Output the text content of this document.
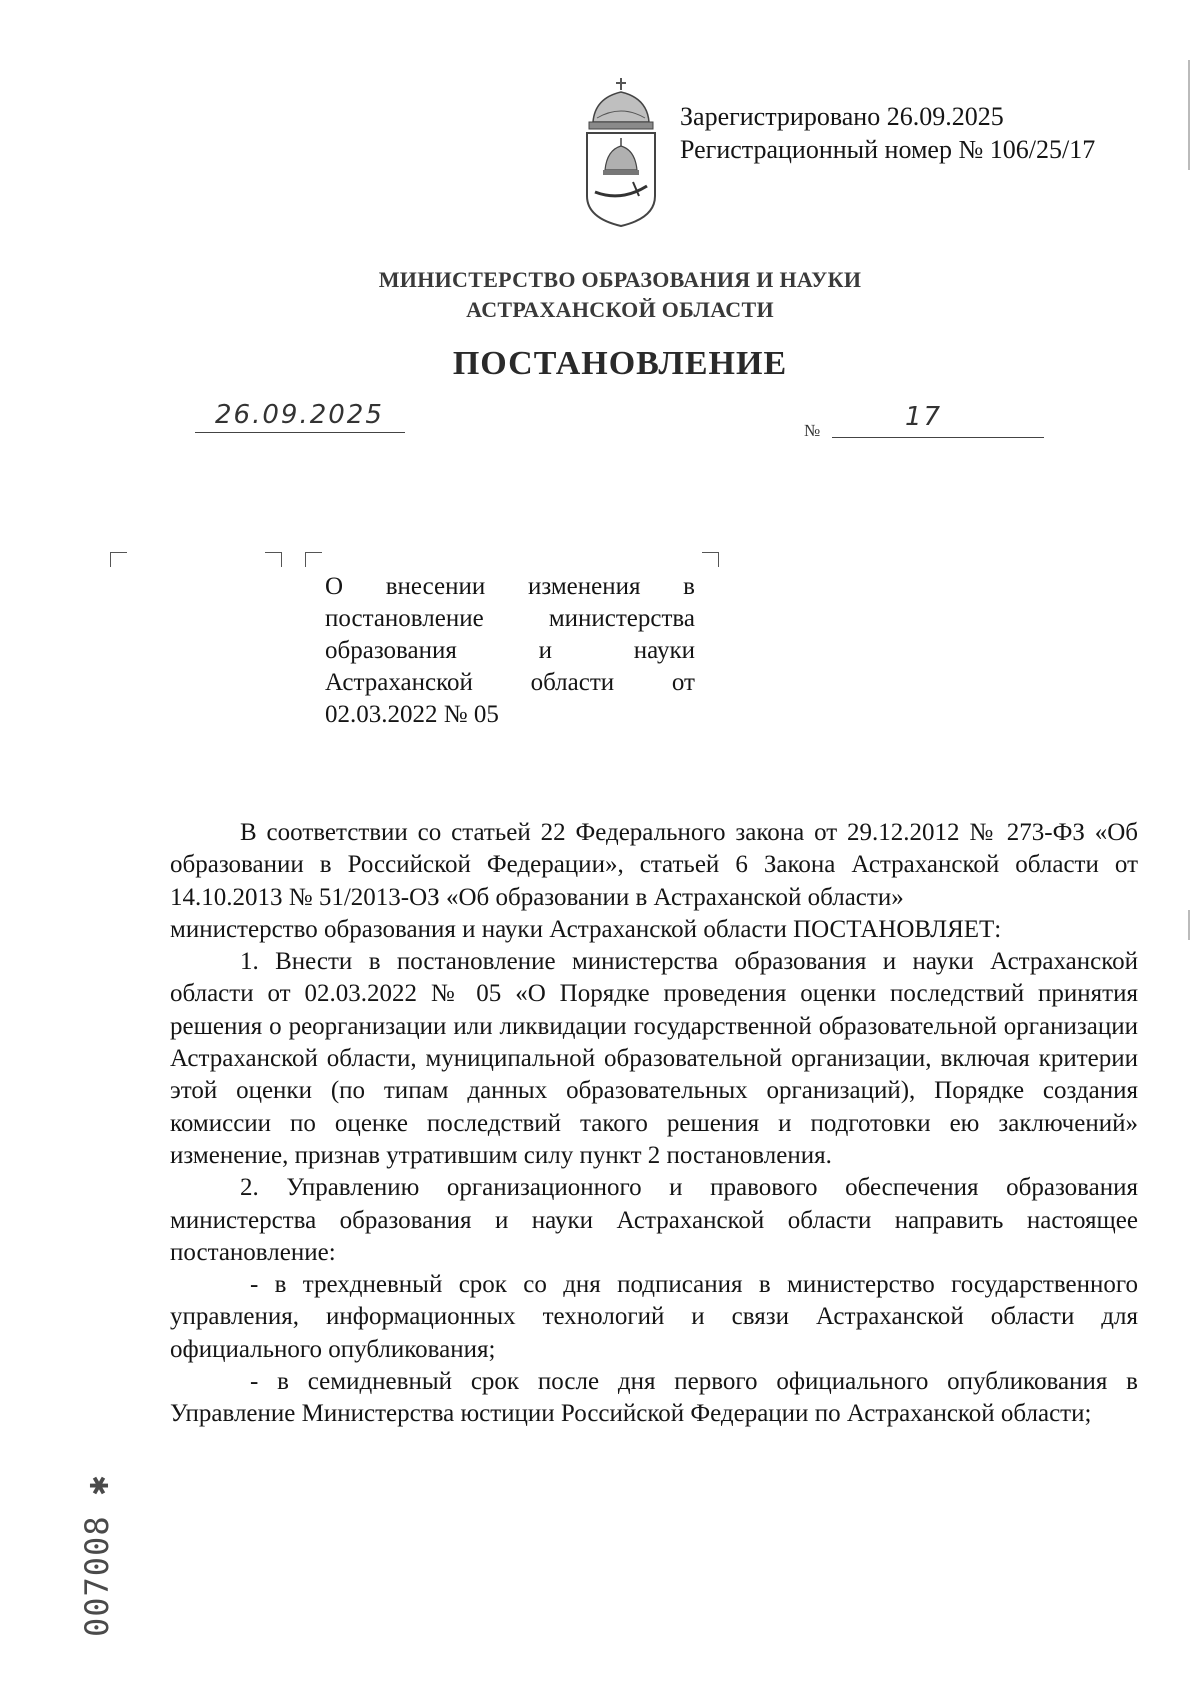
Зарегистрировано 26.09.2025
Регистрационный номер № 106/25/17
МИНИСТЕРСТВО ОБРАЗОВАНИЯ И НАУКИ
АСТРАХАНСКОЙ ОБЛАСТИ
ПОСТАНОВЛЕНИЕ
26.09.2025
№	17
О внесении изменения в постановление министерства образования и науки Астраханской области от 02.03.2022 № 05

В соответствии со статьей 22 Федерального закона от 29.12.2012 № 273-ФЗ «Об образовании в Российской Федерации», статьей 6 Закона Астраханской области от 14.10.2013 № 51/2013-ОЗ «Об образовании в Астраханской области»

министерство образования и науки Астраханской области ПОСТАНОВЛЯЕТ:

1. Внести в постановление министерства образования и науки Астраханской области от 02.03.2022 № 05 «О Порядке проведения оценки последствий принятия решения о реорганизации или ликвидации государственной образовательной организации Астраханской области, муниципальной образовательной организации, включая критерии этой оценки (по типам данных образовательных организаций), Порядке создания комиссии по оценке последствий такого решения и подготовки ею заключений» изменение, признав утратившим силу пункт 2 постановления.

2. Управлению организационного и правового обеспечения образования министерства образования и науки Астраханской области направить настоящее постановление:

- в трехдневный срок со дня подписания в министерство государственного управления, информационных технологий и связи Астраханской области для официального опубликования;

- в семидневный срок после дня первого официального опубликования в Управление Министерства юстиции Российской Федерации по Астраханской области;

007008 ✱
